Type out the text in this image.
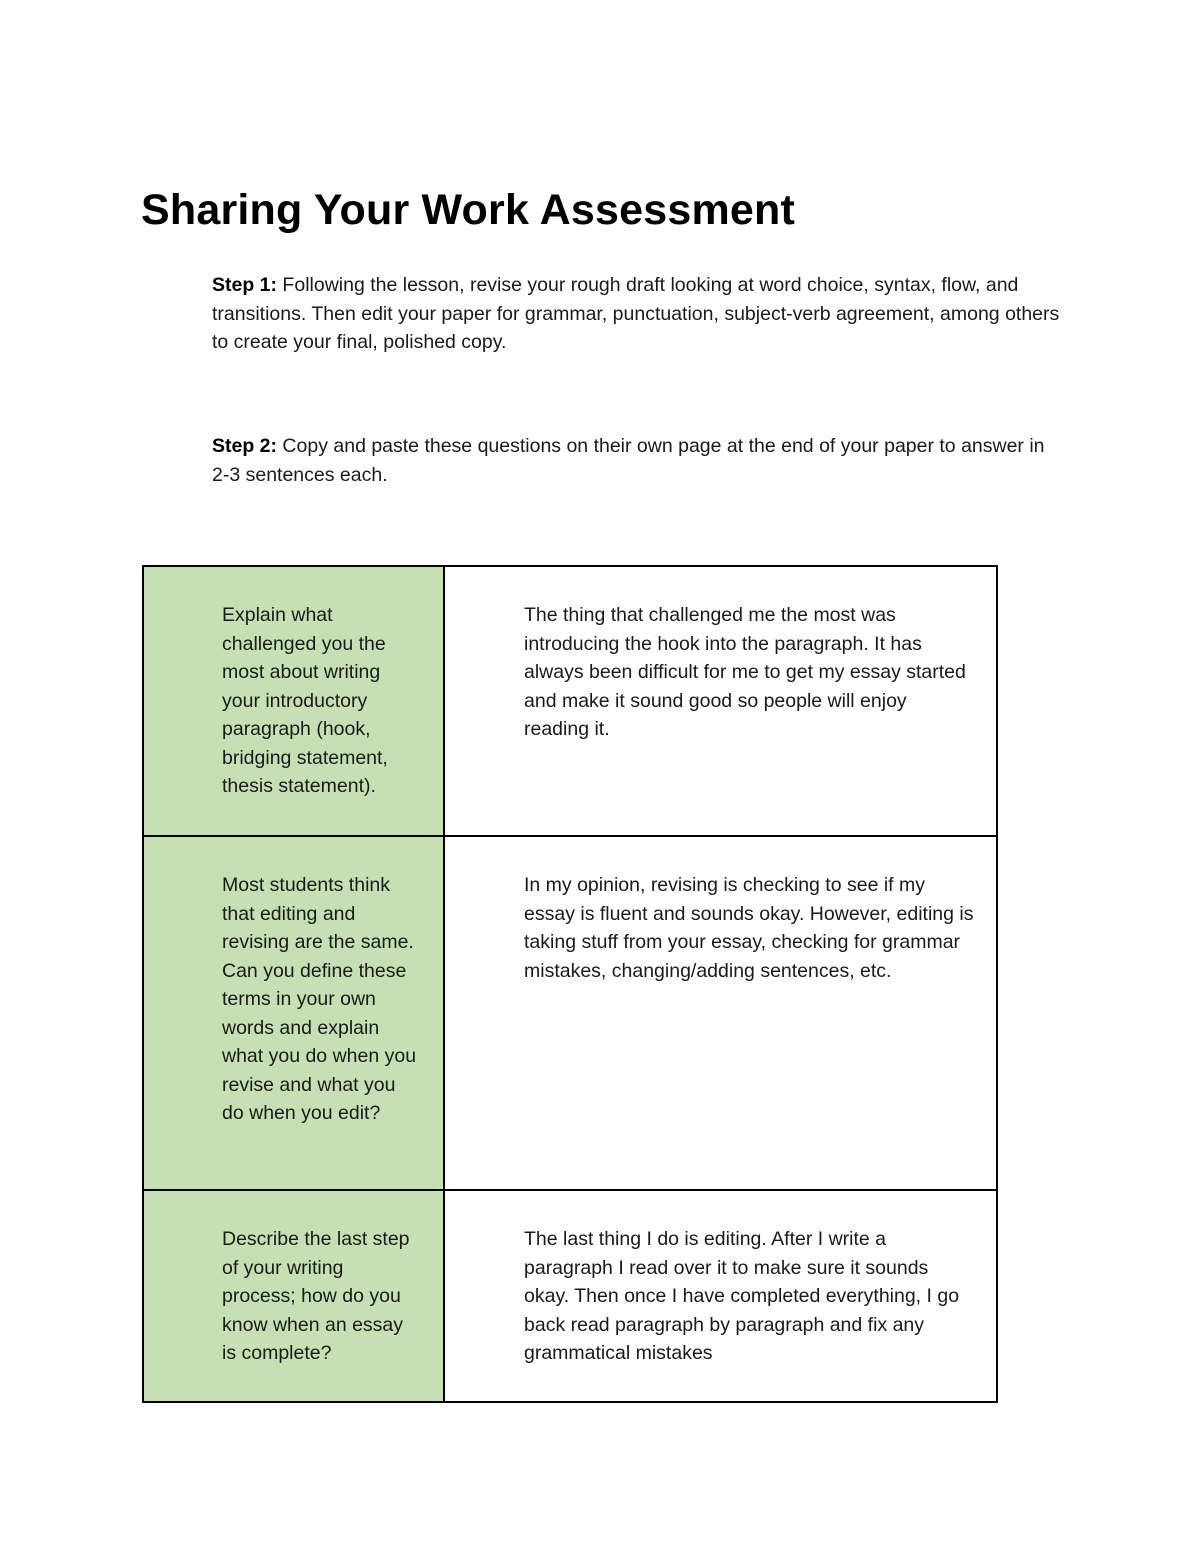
Sharing Your Work Assessment

Step 1: Following the lesson, revise your rough draft looking at word choice, syntax, flow, and transitions. Then edit your paper for grammar, punctuation, subject-verb agreement, among others to create your final, polished copy.

Step 2: Copy and paste these questions on their own page at the end of your paper to answer in 2-3 sentences each.

Explain what challenged you the most about writing your introductory paragraph (hook, bridging statement, thesis statement).	The thing that challenged me the most was introducing the hook into the paragraph. It has always been difficult for me to get my essay started and make it sound good so people will enjoy reading it.

Most students think that editing and revising are the same. Can you define these terms in your own words and explain what you do when you revise and what you do when you edit?	In my opinion, revising is checking to see if my essay is fluent and sounds okay. However, editing is taking stuff from your essay, checking for grammar mistakes, changing/adding sentences, etc.

Describe the last step of your writing process; how do you know when an essay is complete?	The last thing I do is editing. After I write a paragraph I read over it to make sure it sounds okay. Then once I have completed everything, I go back read paragraph by paragraph and fix any grammatical mistakes
